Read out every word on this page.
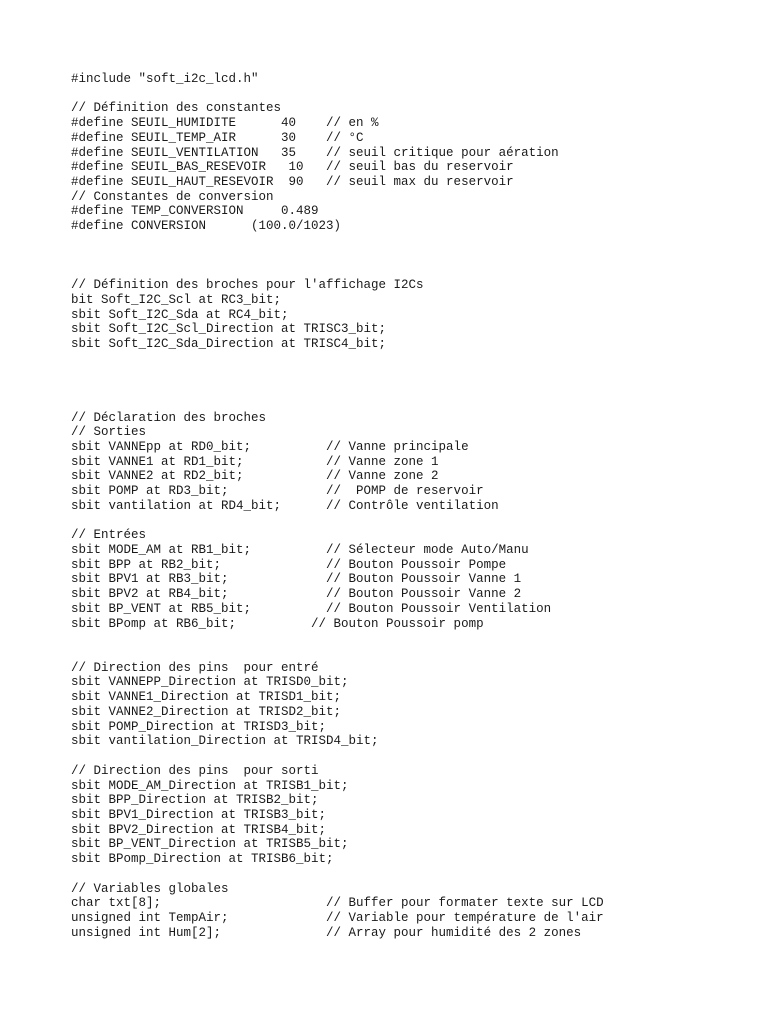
#include "soft_i2c_lcd.h"
// Définition des constantes
#define SEUIL_HUMIDITE      40    // en %
#define SEUIL_TEMP_AIR      30    // °C
#define SEUIL_VENTILATION   35    // seuil critique pour aération
#define SEUIL_BAS_RESEVOIR   10   // seuil bas du reservoir
#define SEUIL_HAUT_RESEVOIR  90   // seuil max du reservoir
// Constantes de conversion
#define TEMP_CONVERSION     0.489
#define CONVERSION      (100.0/1023)
// Définition des broches pour l'affichage I2Cs
bit Soft_I2C_Scl at RC3_bit;
sbit Soft_I2C_Sda at RC4_bit;
sbit Soft_I2C_Scl_Direction at TRISC3_bit;
sbit Soft_I2C_Sda_Direction at TRISC4_bit;
// Déclaration des broches
// Sorties
sbit VANNEpp at RD0_bit;          // Vanne principale
sbit VANNE1 at RD1_bit;           // Vanne zone 1
sbit VANNE2 at RD2_bit;           // Vanne zone 2
sbit POMP at RD3_bit;             //  POMP de reservoir
sbit vantilation at RD4_bit;      // Contrôle ventilation
// Entrées
sbit MODE_AM at RB1_bit;          // Sélecteur mode Auto/Manu
sbit BPP at RB2_bit;              // Bouton Poussoir Pompe
sbit BPV1 at RB3_bit;             // Bouton Poussoir Vanne 1
sbit BPV2 at RB4_bit;             // Bouton Poussoir Vanne 2
sbit BP_VENT at RB5_bit;          // Bouton Poussoir Ventilation
sbit BPomp at RB6_bit;          // Bouton Poussoir pomp
// Direction des pins  pour entré
sbit VANNEPP_Direction at TRISD0_bit;
sbit VANNE1_Direction at TRISD1_bit;
sbit VANNE2_Direction at TRISD2_bit;
sbit POMP_Direction at TRISD3_bit;
sbit vantilation_Direction at TRISD4_bit;
// Direction des pins  pour sorti
sbit MODE_AM_Direction at TRISB1_bit;
sbit BPP_Direction at TRISB2_bit;
sbit BPV1_Direction at TRISB3_bit;
sbit BPV2_Direction at TRISB4_bit;
sbit BP_VENT_Direction at TRISB5_bit;
sbit BPomp_Direction at TRISB6_bit;
// Variables globales
char txt[8];                      // Buffer pour formater texte sur LCD
unsigned int TempAir;             // Variable pour température de l'air
unsigned int Hum[2];              // Array pour humidité des 2 zones
